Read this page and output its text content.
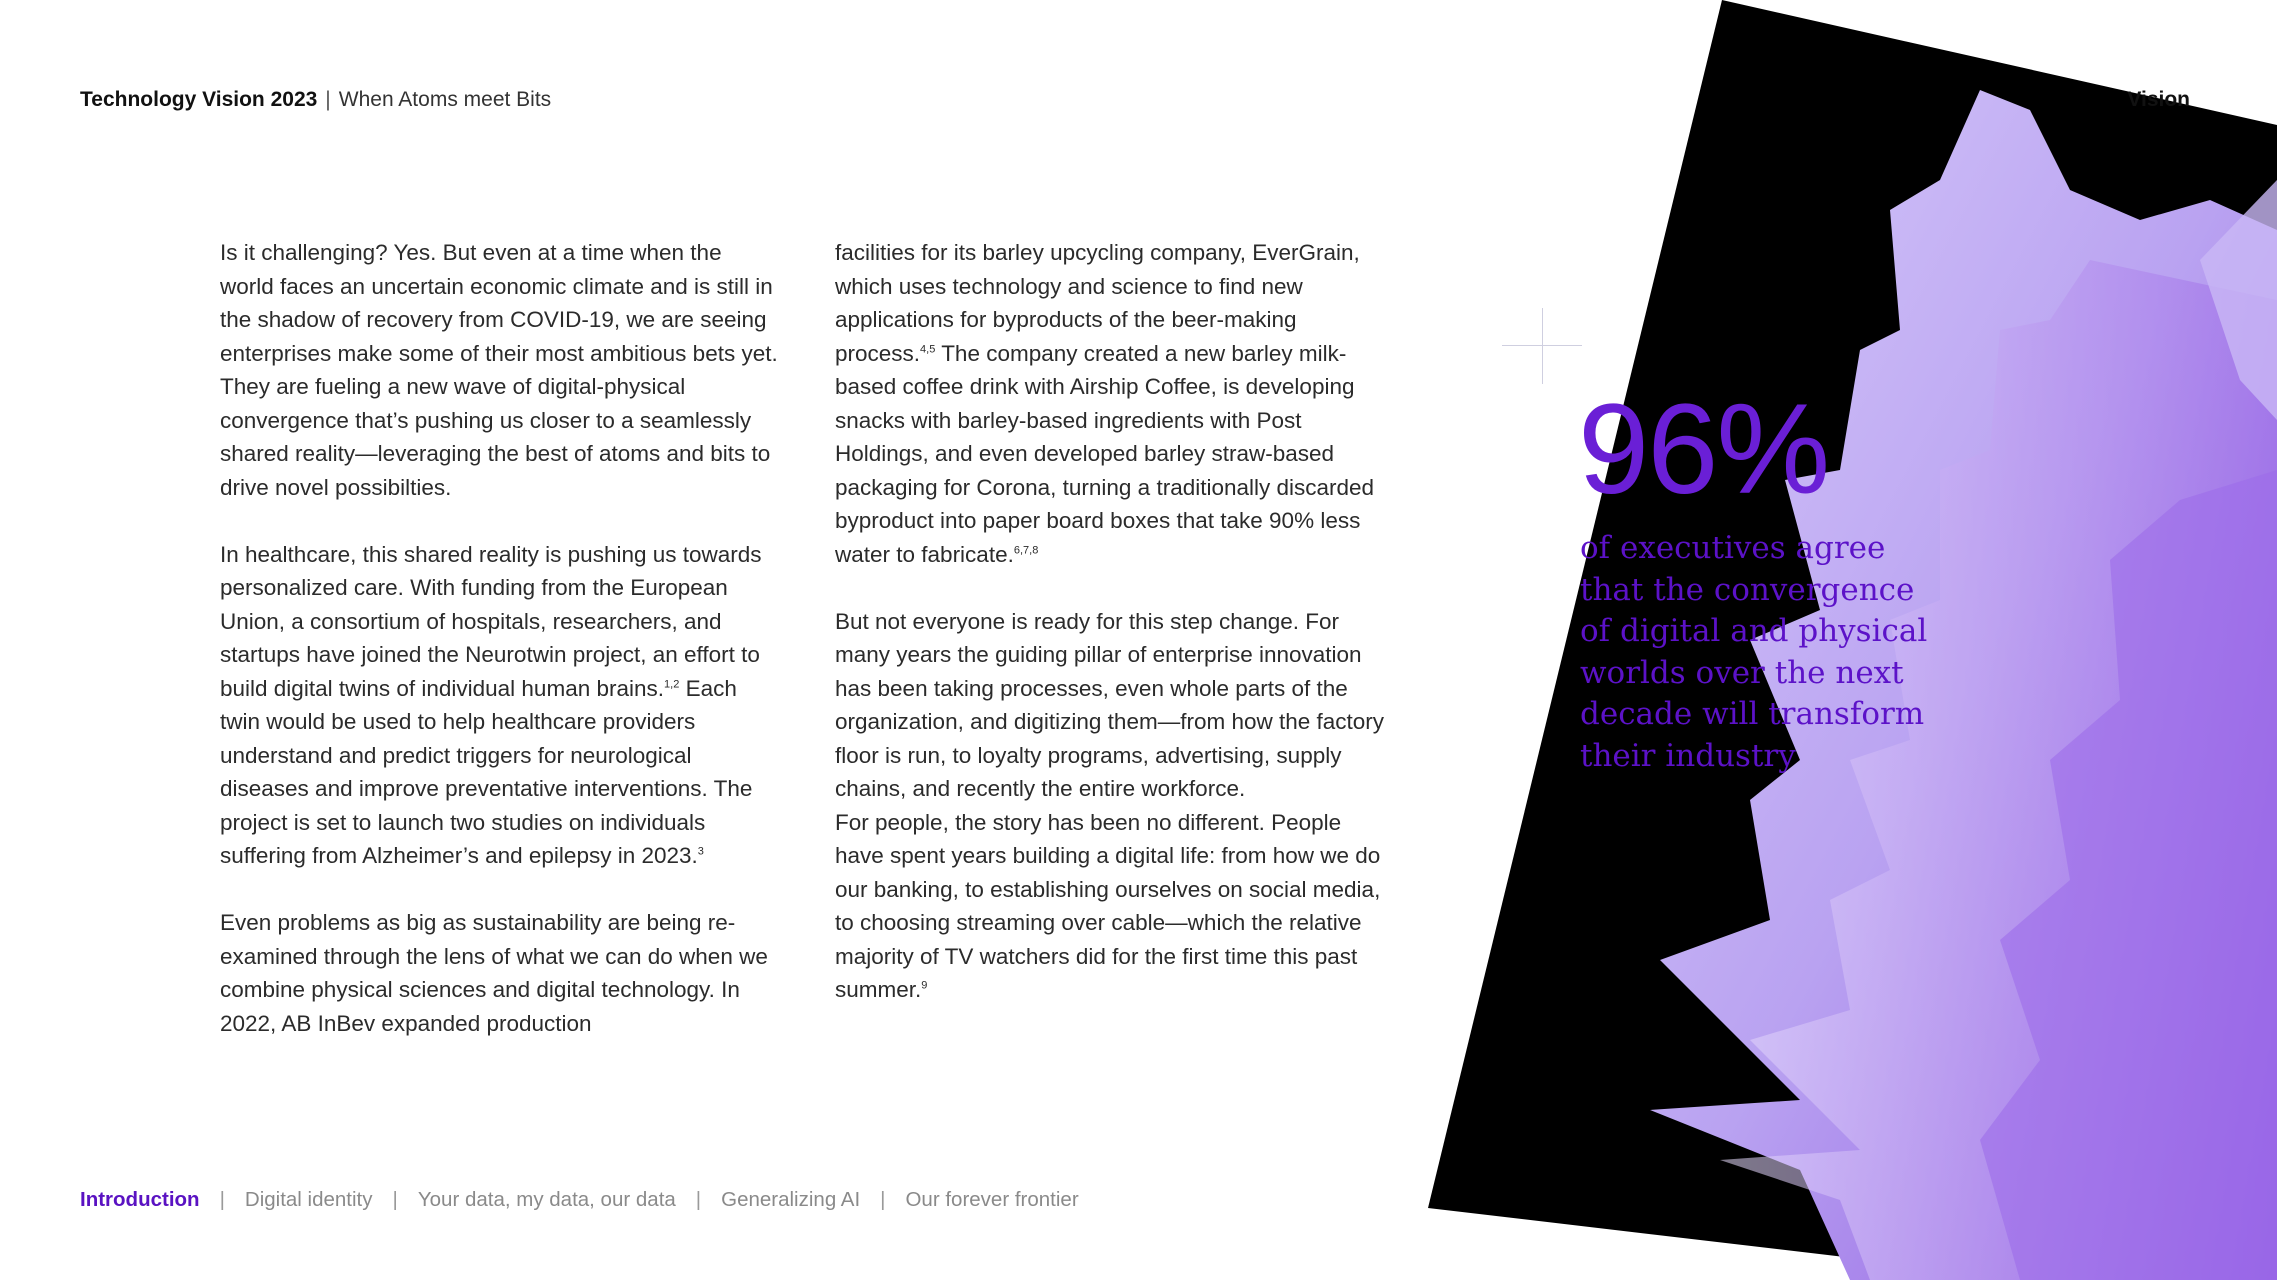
Technology Vision 2023 | When Atoms meet Bits

Is it challenging? Yes. But even at a time when the world faces an uncertain economic climate and is still in the shadow of recovery from COVID-19, we are seeing enterprises make some of their most ambitious bets yet. They are fueling a new wave of digital-physical convergence that’s pushing us closer to a seamlessly shared reality—leveraging the best of atoms and bits to drive novel possibilties.

In healthcare, this shared reality is pushing us towards personalized care. With funding from the European Union, a consortium of hospitals, researchers, and startups have joined the Neurotwin project, an effort to build digital twins of individual human brains.$^{1,2}$ Each twin would be used to help healthcare providers understand and predict triggers for neurological diseases and improve preventative interventions. The project is set to launch two studies on individuals suffering from Alzheimer’s and epilepsy in 2023.$^3$

Even problems as big as sustainability are being re-examined through the lens of what we can do when we combine physical sciences and digital technology. In 2022, AB InBev expanded production

facilities for its barley upcycling company, EverGrain, which uses technology and science to find new applications for byproducts of the beer-making process.$^{4,5}$ The company created a new barley milk-based coffee drink with Airship Coffee, is developing snacks with barley-based ingredients with Post Holdings, and even developed barley straw-based packaging for Corona, turning a traditionally discarded byproduct into paper board boxes that take 90% less water to fabricate.$^{6,7,8}$

But not everyone is ready for this step change. For many years the guiding pillar of enterprise innovation has been taking processes, even whole parts of the organization, and digitizing them—from how the factory floor is run, to loyalty programs, advertising, supply chains, and recently the entire workforce.
For people, the story has been no different. People have spent years building a digital life: from how we do our banking, to establishing ourselves on social media, to choosing streaming over cable—which the relative majority of TV watchers did for the first time this past summer.$^9$

Vision
96%
of executives agree that the convergence of digital and physical worlds over the next decade will transform their industry
Introduction | Digital identity | Your data, my data, our data | Generalizing AI | Our forever frontier
